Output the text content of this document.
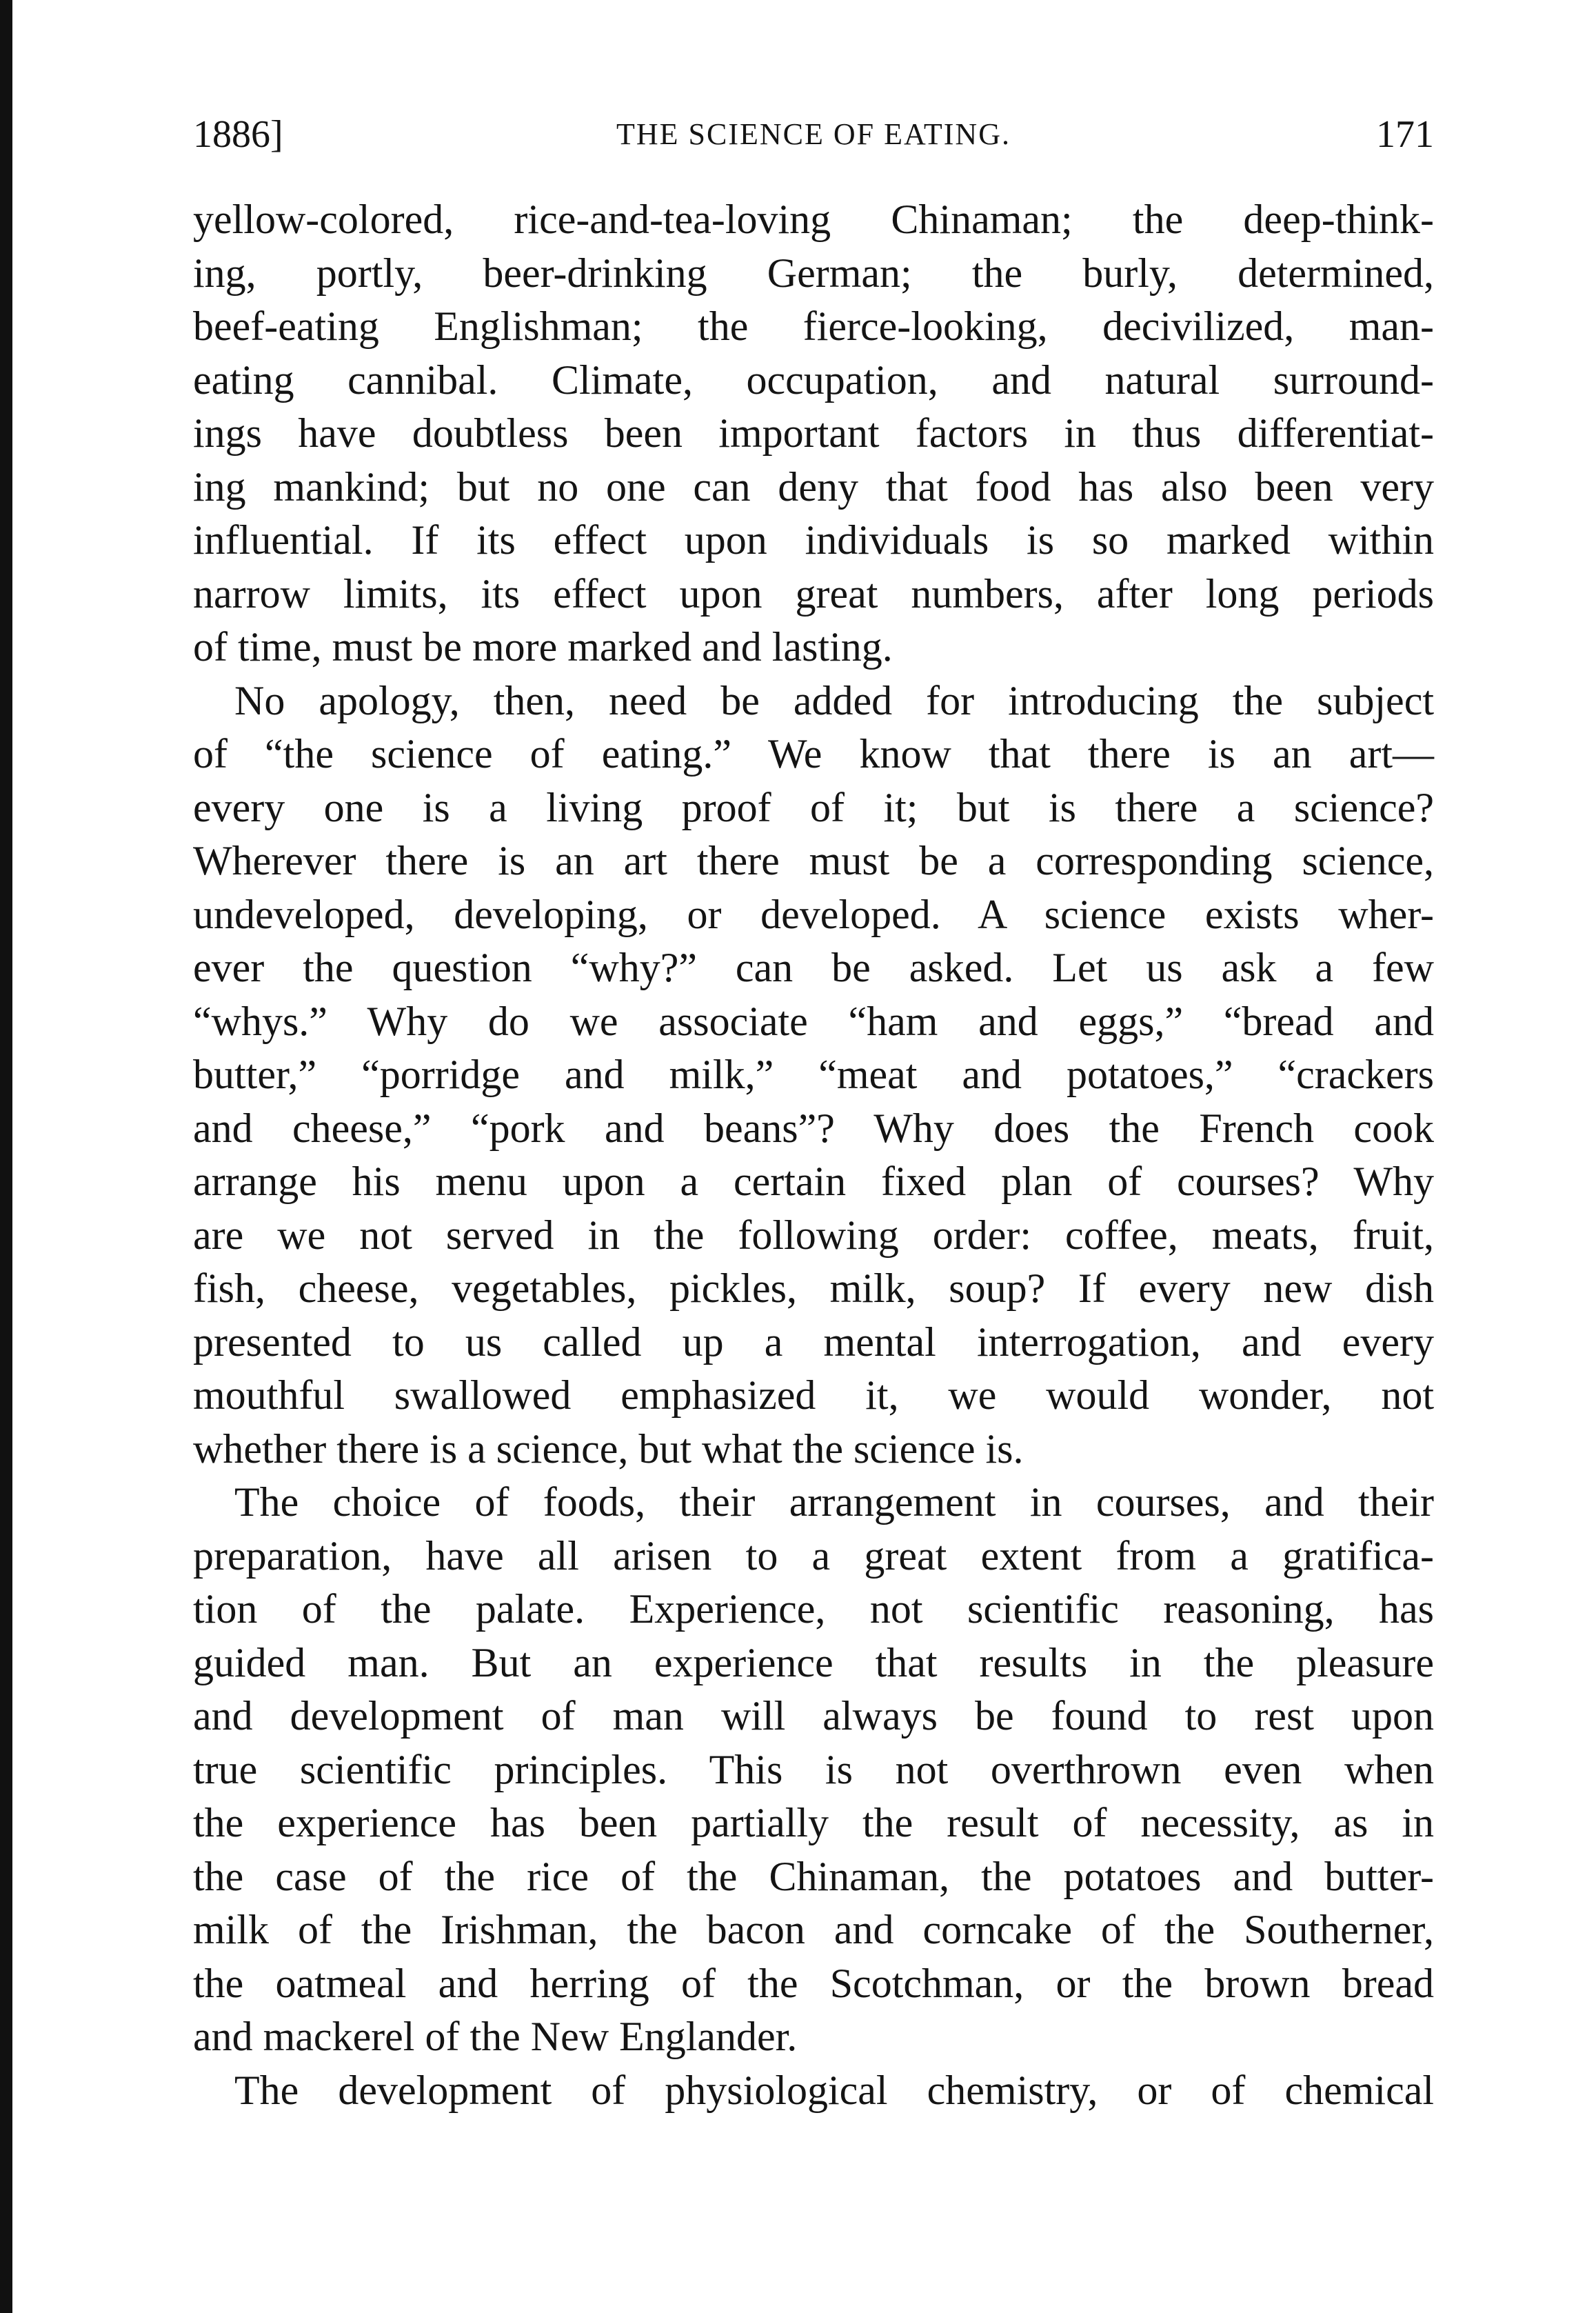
1886]	THE SCIENCE OF EATING.	171
yellow-colored, rice-and-tea-loving Chinaman; the deep-think-
ing, portly, beer-drinking German; the burly, determined,
beef-eating Englishman; the fierce-looking, decivilized, man-
eating cannibal. Climate, occupation, and natural surround-
ings have doubtless been important factors in thus differentiat-
ing mankind; but no one can deny that food has also been very
influential. If its effect upon individuals is so marked within
narrow limits, its effect upon great numbers, after long periods
of time, must be more marked and lasting.
No apology, then, need be added for introducing the subject
of “the science of eating.” We know that there is an art—
every one is a living proof of it; but is there a science?
Wherever there is an art there must be a corresponding science,
undeveloped, developing, or developed. A science exists wher-
ever the question “why?” can be asked. Let us ask a few
“whys.” Why do we associate “ham and eggs,” “bread and
butter,” “porridge and milk,” “meat and potatoes,” “crackers
and cheese,” “pork and beans”? Why does the French cook
arrange his menu upon a certain fixed plan of courses? Why
are we not served in the following order: coffee, meats, fruit,
fish, cheese, vegetables, pickles, milk, soup? If every new dish
presented to us called up a mental interrogation, and every
mouthful swallowed emphasized it, we would wonder, not
whether there is a science, but what the science is.
The choice of foods, their arrangement in courses, and their
preparation, have all arisen to a great extent from a gratifica-
tion of the palate. Experience, not scientific reasoning, has
guided man. But an experience that results in the pleasure
and development of man will always be found to rest upon
true scientific principles. This is not overthrown even when
the experience has been partially the result of necessity, as in
the case of the rice of the Chinaman, the potatoes and butter-
milk of the Irishman, the bacon and corncake of the Southerner,
the oatmeal and herring of the Scotchman, or the brown bread
and mackerel of the New Englander.
The development of physiological chemistry, or of chemical
